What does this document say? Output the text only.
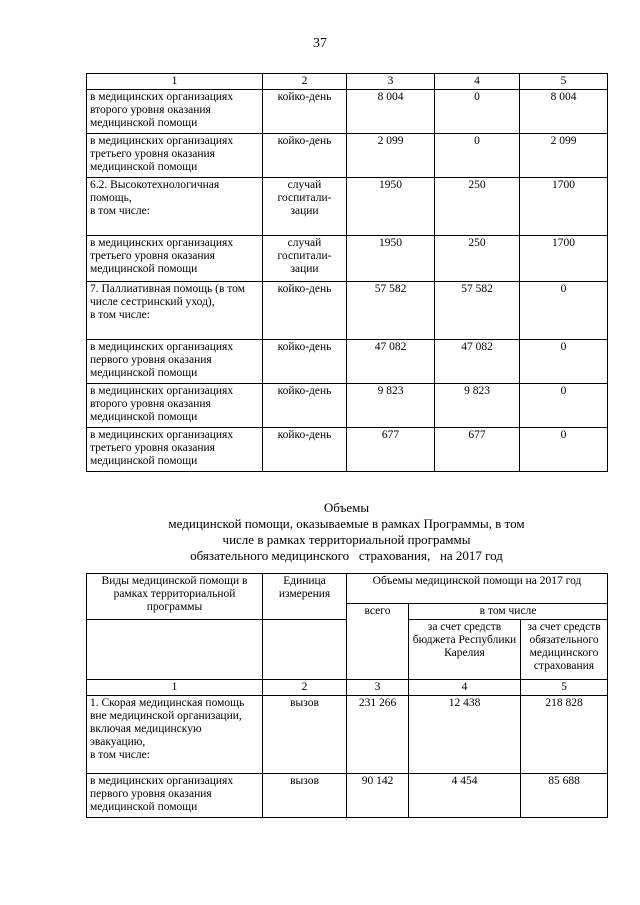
37
1	2	3	4	5
в медицинских организациях второго уровня оказания медицинской помощи	койко-день	8 004	0	8 004
в медицинских организациях третьего уровня оказания медицинской помощи	койко-день	2 099	0	2 099
6.2. Высокотехнологичная помощь,
в том числе:	случай госпитали-зации	1950	250	1700
в медицинских организациях третьего уровня оказания медицинской помощи	случай госпитали-зации	1950	250	1700
7. Паллиативная помощь (в том числе сестринский уход),
в том числе:	койко-день	57 582	57 582	0
в медицинских организациях первого уровня оказания медицинской помощи	койко-день	47 082	47 082	0
в медицинских организациях второго уровня оказания медицинской помощи	койко-день	9 823	9 823	0
в медицинских организациях третьего уровня оказания медицинской помощи	койко-день	677	677	0
Объемы
медицинской помощи, оказываемые в рамках Программы, в том
числе в рамках территориальной программы
обязательного медицинского   страхования,   на 2017 год
Виды медицинской помощи в рамках территориальной программы	Единица измерения	Объемы медицинской помощи на 2017 год		
		всего	в том числе	
			за счет средств бюджета Республики Карелия	за счет средств обязательного медицинского страхования
1	2	3	4	5
1. Скорая медицинская помощь вне медицинской организации, включая медицинскую эвакуацию,
в том числе:	вызов	231 266	12 438	218 828
в медицинских организациях первого уровня оказания медицинской помощи	вызов	90 142	4 454	85 688
